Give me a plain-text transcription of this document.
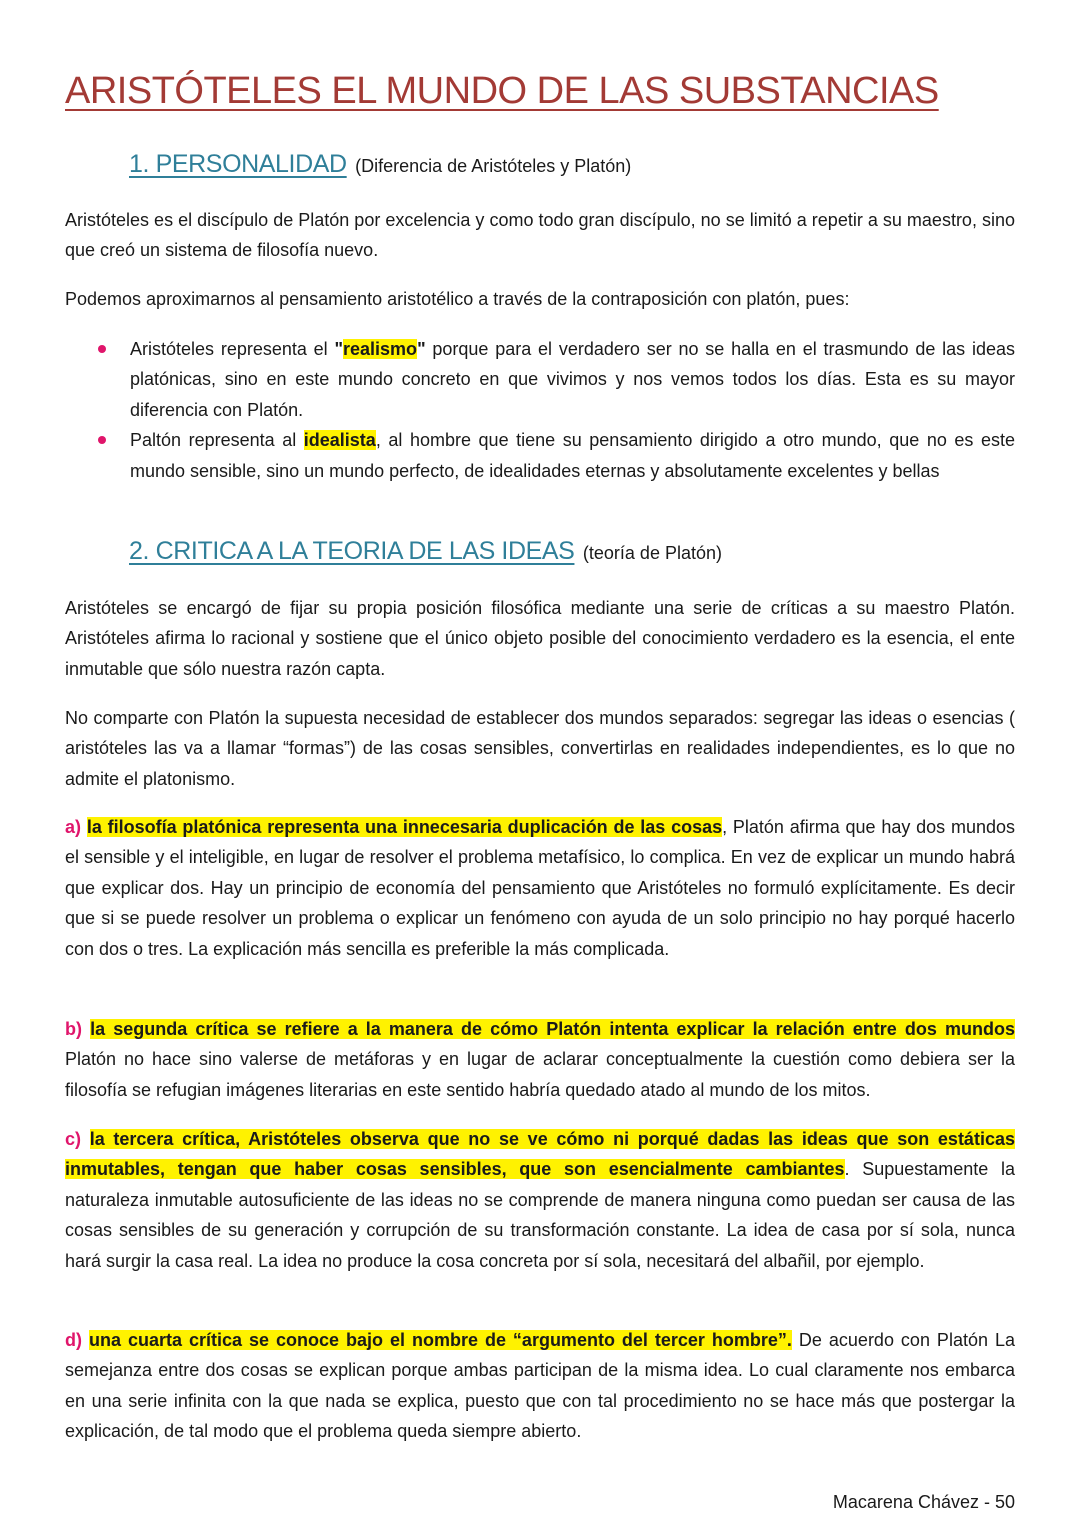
ARISTÓTELES EL MUNDO DE LAS SUBSTANCIAS
1. PERSONALIDAD (Diferencia de Aristóteles y Platón)

Aristóteles es el discípulo de Platón por excelencia y como todo gran discípulo, no se limitó a repetir a su maestro, sino que creó un sistema de filosofía nuevo.

Podemos aproximarnos al pensamiento aristotélico a través de la contraposición con platón, pues:

Aristóteles representa el "realismo" porque para el verdadero ser no se halla en el trasmundo de las ideas platónicas, sino en este mundo concreto en que vivimos y nos vemos todos los días. Esta es su mayor diferencia con Platón.
Paltón representa al idealista, al hombre que tiene su pensamiento dirigido a otro mundo, que no es este mundo sensible, sino un mundo perfecto, de idealidades eternas y absolutamente excelentes y bellas
2. CRITICA A LA TEORIA DE LAS IDEAS (teoría de Platón)

Aristóteles se encargó de fijar su propia posición filosófica mediante una serie de críticas a su maestro Platón. Aristóteles afirma lo racional y sostiene que el único objeto posible del conocimiento verdadero es la esencia, el ente inmutable que sólo nuestra razón capta.

No comparte con Platón la supuesta necesidad de establecer dos mundos separados: segregar las ideas o esencias ( aristóteles las va a llamar “formas”) de las cosas sensibles, convertirlas en realidades independientes, es lo que no admite el platonismo.

a) la filosofía platónica representa una innecesaria duplicación de las cosas, Platón afirma que hay dos mundos el sensible y el inteligible, en lugar de resolver el problema metafísico, lo complica. En vez de explicar un mundo habrá que explicar dos. Hay un principio de economía del pensamiento que Aristóteles no formuló explícitamente. Es decir que si se puede resolver un problema o explicar un fenómeno con ayuda de un solo principio no hay porqué hacerlo con dos o tres. La explicación más sencilla es preferible la más complicada.

b) la segunda crítica se refiere a la manera de cómo Platón intenta explicar la relación entre dos mundos Platón no hace sino valerse de metáforas y en lugar de aclarar conceptualmente la cuestión como debiera ser la filosofía se refugian imágenes literarias en este sentido habría quedado atado al mundo de los mitos.

c) la tercera crítica, Aristóteles observa que no se ve cómo ni porqué dadas las ideas que son estáticas inmutables, tengan que haber cosas sensibles, que son esencialmente cambiantes. Supuestamente la naturaleza inmutable autosuficiente de las ideas no se comprende de manera ninguna como puedan ser causa de las cosas sensibles de su generación y corrupción de su transformación constante. La idea de casa por sí sola, nunca hará surgir la casa real. La idea no produce la cosa concreta por sí sola, necesitará del albañil, por ejemplo.

d) una cuarta crítica se conoce bajo el nombre de “argumento del tercer hombre”. De acuerdo con Platón La semejanza entre dos cosas se explican porque ambas participan de la misma idea. Lo cual claramente nos embarca en una serie infinita con la que nada se explica, puesto que con tal procedimiento no se hace más que postergar la explicación, de tal modo que el problema queda siempre abierto.

Macarena Chávez - 50
